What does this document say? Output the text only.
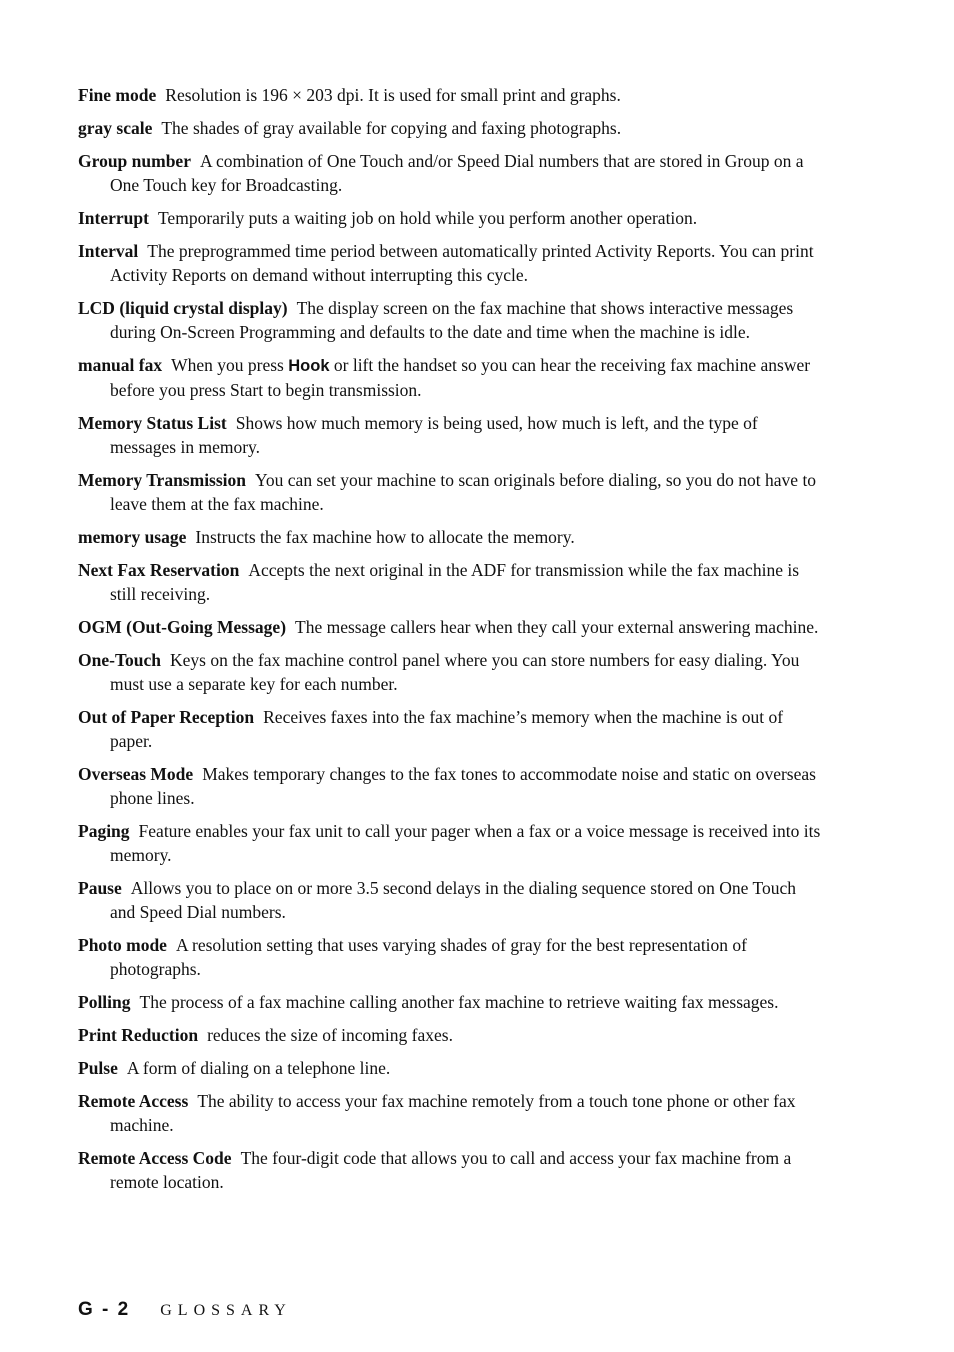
Fine mode Resolution is 196 × 203 dpi. It is used for small print and graphs.
gray scale The shades of gray available for copying and faxing photographs.
Group number A combination of One Touch and/or Speed Dial numbers that are stored in Group on a One Touch key for Broadcasting.
Interrupt Temporarily puts a waiting job on hold while you perform another operation.
Interval The preprogrammed time period between automatically printed Activity Reports. You can print Activity Reports on demand without interrupting this cycle.
LCD (liquid crystal display) The display screen on the fax machine that shows interactive messages during On-Screen Programming and defaults to the date and time when the machine is idle.
manual fax When you press Hook or lift the handset so you can hear the receiving fax machine answer before you press Start to begin transmission.
Memory Status List Shows how much memory is being used, how much is left, and the type of messages in memory.
Memory Transmission You can set your machine to scan originals before dialing, so you do not have to leave them at the fax machine.
memory usage Instructs the fax machine how to allocate the memory.
Next Fax Reservation Accepts the next original in the ADF for transmission while the fax machine is still receiving.
OGM (Out-Going Message) The message callers hear when they call your external answering machine.
One-Touch Keys on the fax machine control panel where you can store numbers for easy dialing. You must use a separate key for each number.
Out of Paper Reception Receives faxes into the fax machine’s memory when the machine is out of paper.
Overseas Mode Makes temporary changes to the fax tones to accommodate noise and static on overseas phone lines.
Paging Feature enables your fax unit to call your pager when a fax or a voice message is received into its memory.
Pause Allows you to place on or more 3.5 second delays in the dialing sequence stored on One Touch and Speed Dial numbers.
Photo mode A resolution setting that uses varying shades of gray for the best representation of photographs.
Polling The process of a fax machine calling another fax machine to retrieve waiting fax messages.
Print Reduction reduces the size of incoming faxes.
Pulse A form of dialing on a telephone line.
Remote Access The ability to access your fax machine remotely from a touch tone phone or other fax machine.
Remote Access Code The four-digit code that allows you to call and access your fax machine from a remote location.
G - 2 GLOSSARY
